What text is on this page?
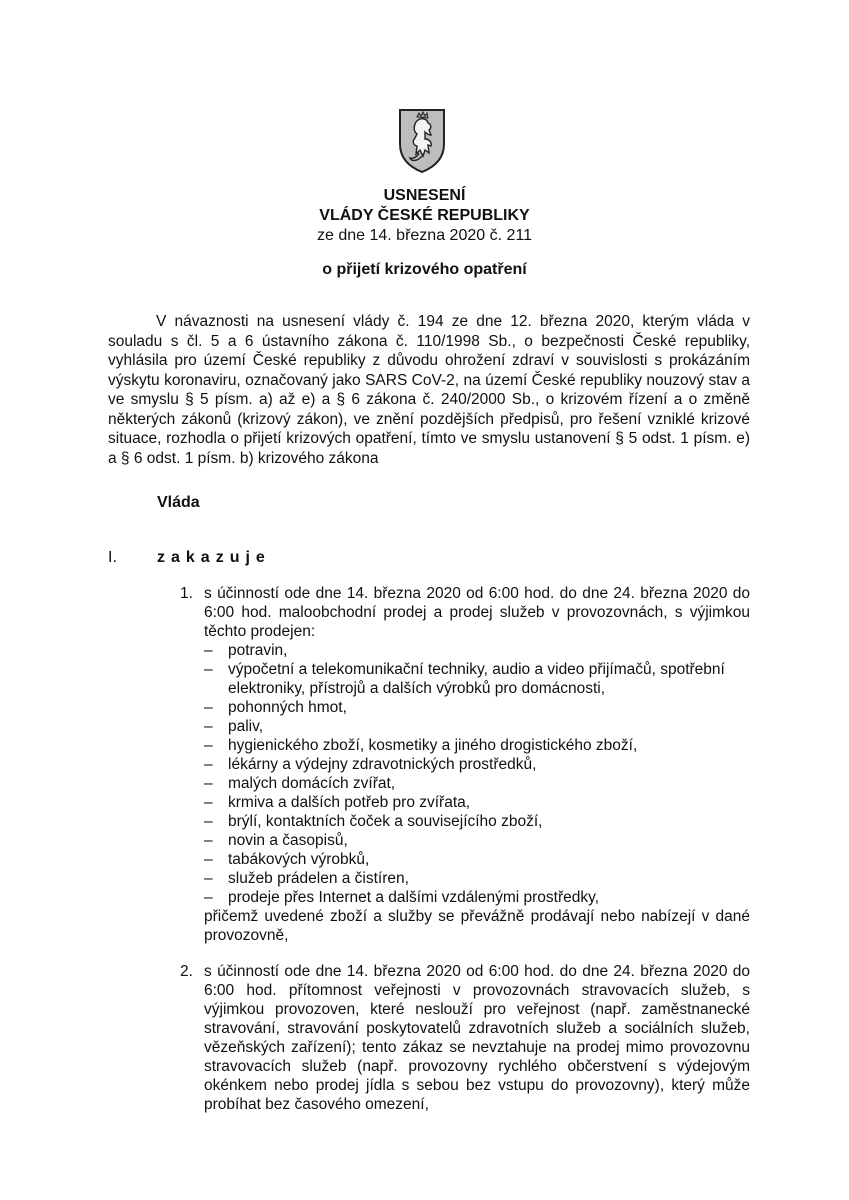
USNESENÍ
VLÁDY ČESKÉ REPUBLIKY
ze dne 14. března 2020 č. 211
o přijetí krizového opatření

V návaznosti na usnesení vlády č. 194 ze dne 12. března 2020, kterým vláda v souladu s čl. 5 a 6 ústavního zákona č. 110/1998 Sb., o bezpečnosti České republiky, vyhlásila pro území České republiky z důvodu ohrožení zdraví v souvislosti s prokázáním výskytu koronaviru, označovaný jako SARS CoV-2, na území České republiky nouzový stav a ve smyslu § 5 písm. a) až e) a § 6 zákona č. 240/2000 Sb., o krizovém řízení a o změně některých zákonů (krizový zákon), ve znění pozdějších předpisů, pro řešení vzniklé krizové situace, rozhodla o přijetí krizových opatření, tímto ve smyslu ustanovení § 5 odst. 1 písm. e) a § 6 odst. 1 písm. b) krizového zákona

Vláda
I.	zakazuje
1. s účinností ode dne 14. března 2020 od 6:00 hod. do dne 24. března 2020 do 6:00 hod. maloobchodní prodej a prodej služeb v provozovnách, s výjimkou těchto prodejen:
– potravin,
– výpočetní a telekomunikační techniky, audio a video přijímačů, spotřební elektroniky, přístrojů a dalších výrobků pro domácnosti,
– pohonných hmot,
– paliv,
– hygienického zboží, kosmetiky a jiného drogistického zboží,
– lékárny a výdejny zdravotnických prostředků,
– malých domácích zvířat,
– krmiva a dalších potřeb pro zvířata,
– brýlí, kontaktních čoček a souvisejícího zboží,
– novin a časopisů,
– tabákových výrobků,
– služeb prádelen a čistíren,
– prodeje přes Internet a dalšími vzdálenými prostředky,
přičemž uvedené zboží a služby se převážně prodávají nebo nabízejí v dané provozovně,
2. s účinností ode dne 14. března 2020 od 6:00 hod. do dne 24. března 2020 do 6:00 hod. přítomnost veřejnosti v provozovnách stravovacích služeb, s výjimkou provozoven, které neslouží pro veřejnost (např. zaměstnanecké stravování, stravování poskytovatelů zdravotních služeb a sociálních služeb, vězeňských zařízení); tento zákaz se nevztahuje na prodej mimo provozovnu stravovacích služeb (např. provozovny rychlého občerstvení s výdejovým okénkem nebo prodej jídla s sebou bez vstupu do provozovny), který může probíhat bez časového omezení,
